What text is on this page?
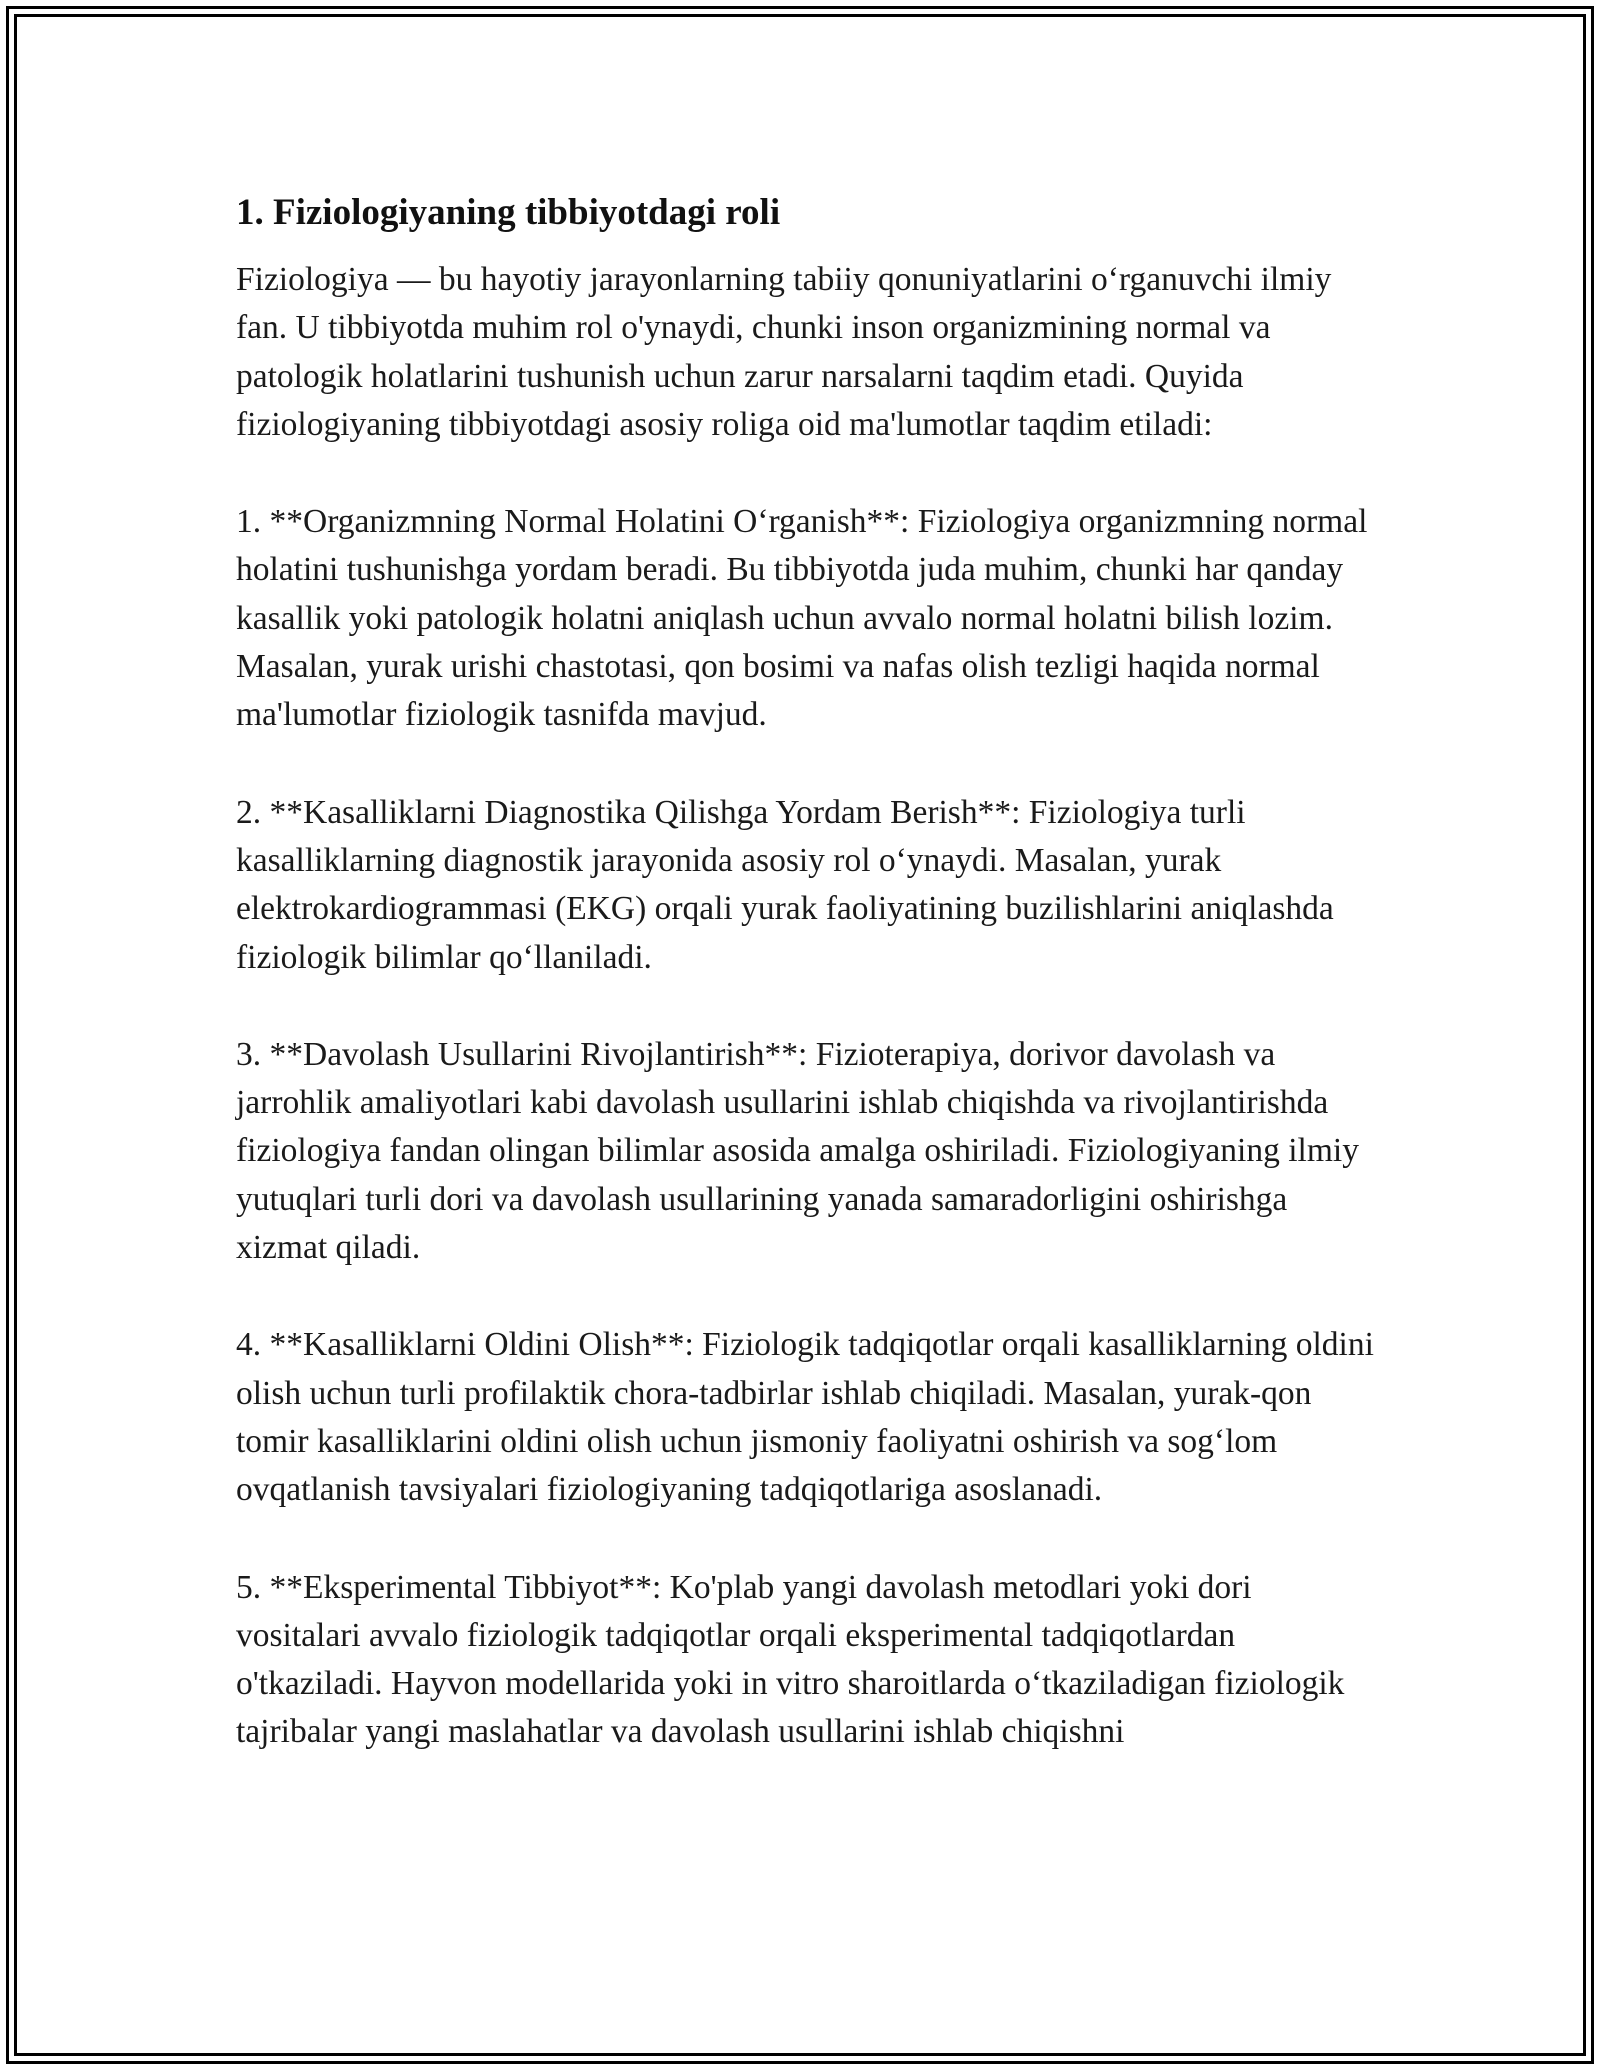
1. Fiziologiyaning tibbiyotdagi roli

Fiziologiya — bu hayotiy jarayonlarning tabiiy qonuniyatlarini o‘rganuvchi ilmiy fan. U tibbiyotda muhim rol o'ynaydi, chunki inson organizmining normal va patologik holatlarini tushunish uchun zarur narsalarni taqdim etadi. Quyida fiziologiyaning tibbiyotdagi asosiy roliga oid ma'lumotlar taqdim etiladi:

1. **Organizmning Normal Holatini O‘rganish**: Fiziologiya organizmning normal holatini tushunishga yordam beradi. Bu tibbiyotda juda muhim, chunki har qanday kasallik yoki patologik holatni aniqlash uchun avvalo normal holatni bilish lozim. Masalan, yurak urishi chastotasi, qon bosimi va nafas olish tezligi haqida normal ma'lumotlar fiziologik tasnifda mavjud.

2. **Kasalliklarni Diagnostika Qilishga Yordam Berish**: Fiziologiya turli kasalliklarning diagnostik jarayonida asosiy rol o‘ynaydi. Masalan, yurak elektrokardiogrammasi (EKG) orqali yurak faoliyatining buzilishlarini aniqlashda fiziologik bilimlar qo‘llaniladi.

3. **Davolash Usullarini Rivojlantirish**: Fizioterapiya, dorivor davolash va jarrohlik amaliyotlari kabi davolash usullarini ishlab chiqishda va rivojlantirishda fiziologiya fandan olingan bilimlar asosida amalga oshiriladi. Fiziologiyaning ilmiy yutuqlari turli dori va davolash usullarining yanada samaradorligini oshirishga xizmat qiladi.

4. **Kasalliklarni Oldini Olish**: Fiziologik tadqiqotlar orqali kasalliklarning oldini olish uchun turli profilaktik chora-tadbirlar ishlab chiqiladi. Masalan, yurak-qon tomir kasalliklarini oldini olish uchun jismoniy faoliyatni oshirish va sog‘lom ovqatlanish tavsiyalari fiziologiyaning tadqiqotlariga asoslanadi.

5. **Eksperimental Tibbiyot**: Ko'plab yangi davolash metodlari yoki dori vositalari avvalo fiziologik tadqiqotlar orqali eksperimental tadqiqotlardan o'tkaziladi. Hayvon modellarida yoki in vitro sharoitlarda o‘tkaziladigan fiziologik tajribalar yangi maslahatlar va davolash usullarini ishlab chiqishni
